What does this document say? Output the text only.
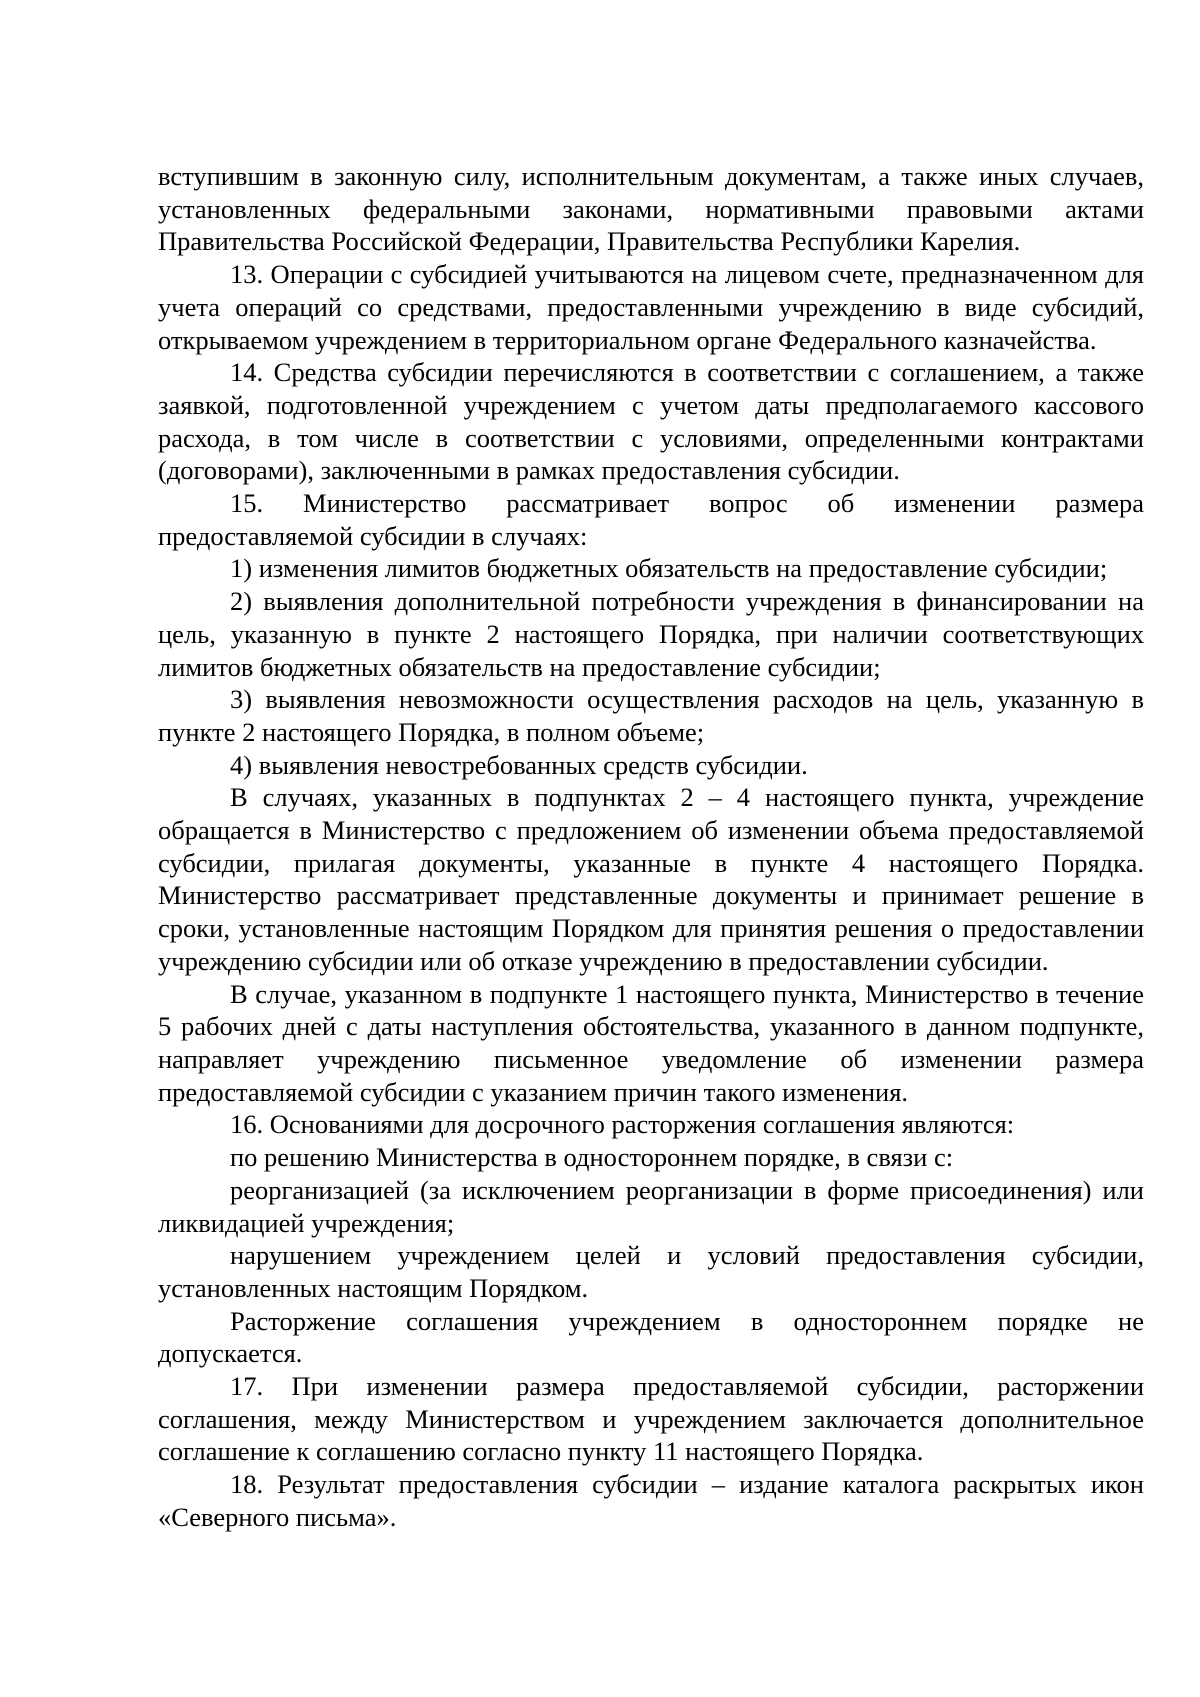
вступившим в законную силу, исполнительным документам, а также иных случаев, установленных федеральными законами, нормативными правовыми актами Правительства Российской Федерации, Правительства Республики Карелия.

13. Операции с субсидией учитываются на лицевом счете, предназначенном для учета операций со средствами, предоставленными учреждению в виде субсидий, открываемом учреждением в территориальном органе Федерального казначейства.

14. Средства субсидии перечисляются в соответствии с соглашением, а также заявкой, подготовленной учреждением с учетом даты предполагаемого кассового расхода, в том числе в соответствии с условиями, определенными контрактами (договорами), заключенными в рамках предоставления субсидии.

15. Министерство рассматривает вопрос об изменении размера предоставляемой субсидии в случаях:

1) изменения лимитов бюджетных обязательств на предоставление субсидии;

2) выявления дополнительной потребности учреждения в финансировании на цель, указанную в пункте 2 настоящего Порядка, при наличии соответствующих лимитов бюджетных обязательств на предоставление субсидии;

3) выявления невозможности осуществления расходов на цель, указанную в пункте 2 настоящего Порядка, в полном объеме;

4) выявления невостребованных средств субсидии.

В случаях, указанных в подпунктах 2 – 4 настоящего пункта, учреждение обращается в Министерство с предложением об изменении объема предоставляемой субсидии, прилагая документы, указанные в пункте 4 настоящего Порядка. Министерство рассматривает представленные документы и принимает решение в сроки, установленные настоящим Порядком для принятия решения о предоставлении учреждению субсидии или об отказе учреждению в предоставлении субсидии.

В случае, указанном в подпункте 1 настоящего пункта, Министерство в течение 5 рабочих дней с даты наступления обстоятельства, указанного в данном подпункте, направляет учреждению письменное уведомление об изменении размера предоставляемой субсидии с указанием причин такого изменения.

16. Основаниями для досрочного расторжения соглашения являются:

по решению Министерства в одностороннем порядке, в связи с:

реорганизацией (за исключением реорганизации в форме присоединения) или ликвидацией учреждения;

нарушением учреждением целей и условий предоставления субсидии, установленных настоящим Порядком.

Расторжение соглашения учреждением в одностороннем порядке не допускается.

17. При изменении размера предоставляемой субсидии, расторжении соглашения, между Министерством и учреждением заключается дополнительное соглашение к соглашению согласно пункту 11 настоящего Порядка.

18. Результат предоставления субсидии – издание каталога раскрытых икон «Северного письма».
